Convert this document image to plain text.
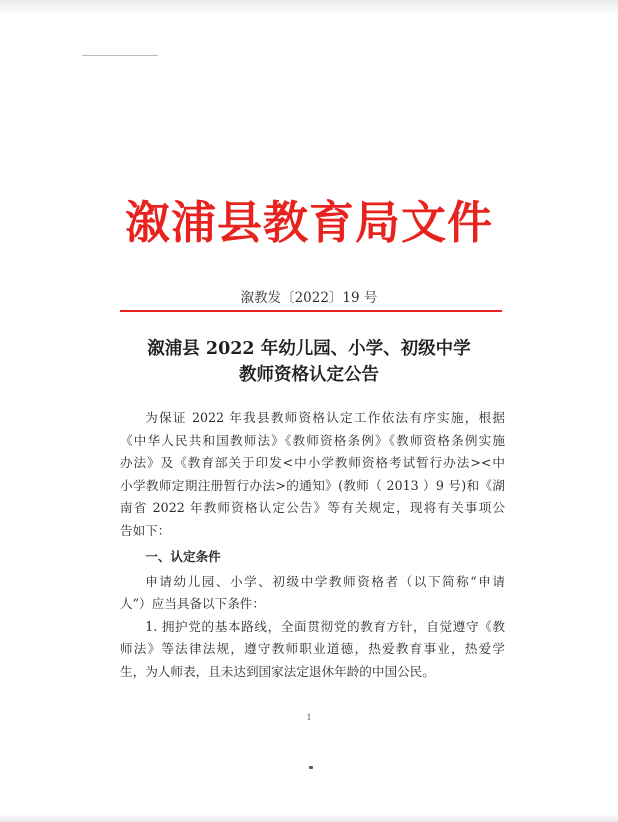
溆浦县教育局文件
溆教发〔2022〕19 号
溆浦县 2022 年幼儿园、小学、初级中学
教师资格认定公告

为保证 2022 年我县教师资格认定工作依法有序实施，根据

《中华人民共和国教师法》《教师资格条例》《教师资格条例实施

办法》及《教育部关于印发<中小学教师资格考试暂行办法><中

小学教师定期注册暂行办法>的通知》(教师（ 2013 ）9 号)和《湖

南省 2022 年教师资格认定公告》等有关规定，现将有关事项公

告如下：

一、认定条件

申请幼儿园、小学、初级中学教师资格者（以下简称“申请

人”）应当具备以下条件：

1. 拥护党的基本路线，全面贯彻党的教育方针，自觉遵守《教

师法》等法律法规，遵守教师职业道德，热爱教育事业，热爱学

生，为人师表，且未达到国家法定退休年龄的中国公民。

1
